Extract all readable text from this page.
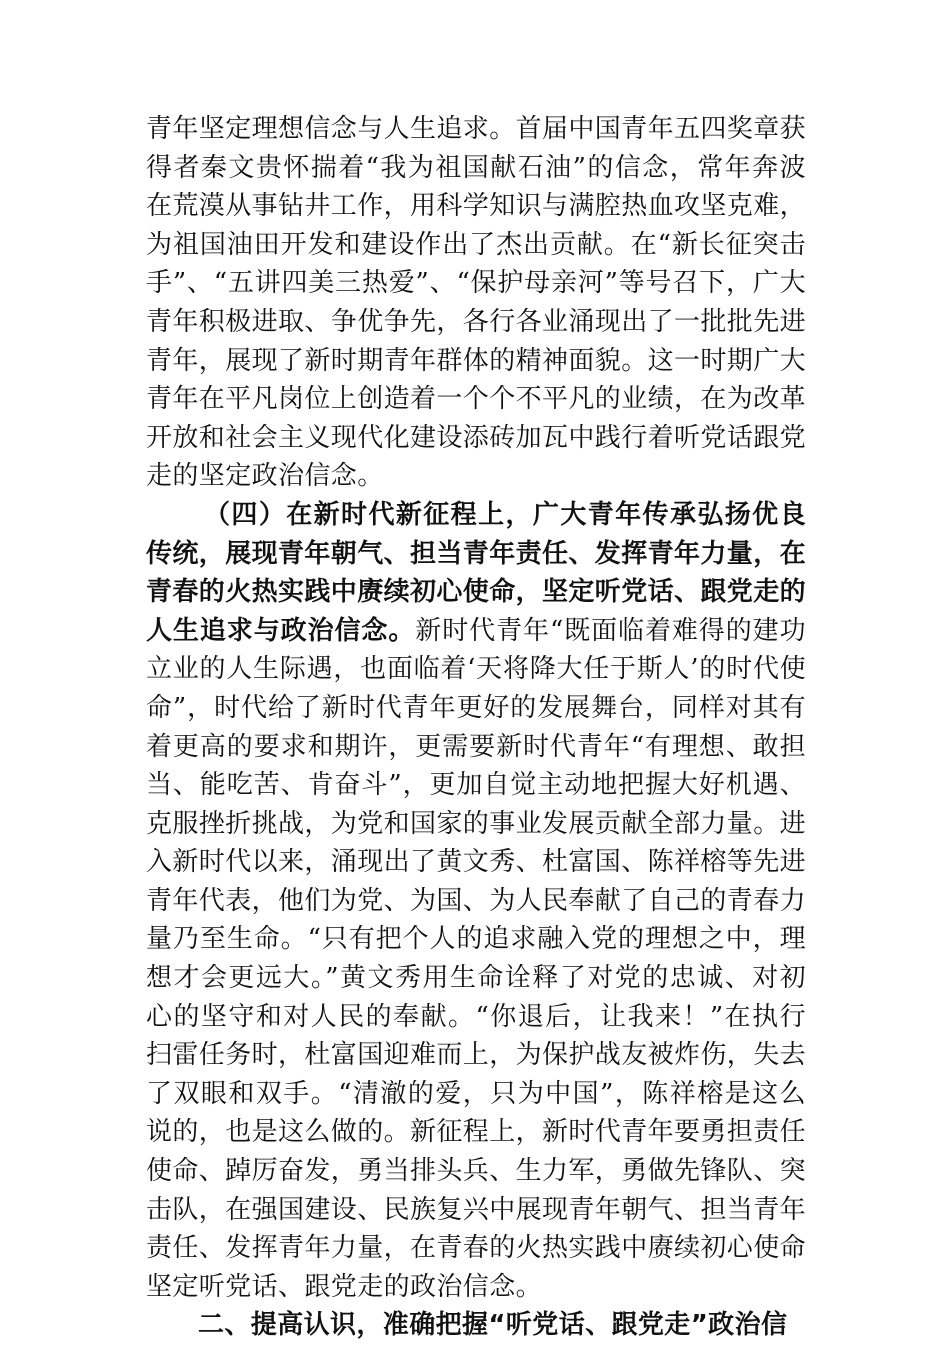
青年坚定理想信念与人生追求。首届中国青年五四奖章获得者秦文贵怀揣着“我为祖国献石油”的信念，常年奔波在荒漠从事钻井工作，用科学知识与满腔热血攻坚克难，为祖国油田开发和建设作出了杰出贡献。在“新长征突击手”、“五讲四美三热爱”、“保护母亲河”等号召下，广大青年积极进取、争优争先，各行各业涌现出了一批批先进青年，展现了新时期青年群体的精神面貌。这一时期广大青年在平凡岗位上创造着一个个不平凡的业绩，在为改革开放和社会主义现代化建设添砖加瓦中践行着听党话跟党走的坚定政治信念。

（四）在新时代新征程上，广大青年传承弘扬优良传统，展现青年朝气、担当青年责任、发挥青年力量，在青春的火热实践中赓续初心使命，坚定听党话、跟党走的人生追求与政治信念。新时代青年“既面临着难得的建功立业的人生际遇，也面临着‘天将降大任于斯人’的时代使命”，时代给了新时代青年更好的发展舞台，同样对其有着更高的要求和期许，更需要新时代青年“有理想、敢担当、能吃苦、肯奋斗”，更加自觉主动地把握大好机遇、克服挫折挑战，为党和国家的事业发展贡献全部力量。进入新时代以来，涌现出了黄文秀、杜富国、陈祥榕等先进青年代表，他们为党、为国、为人民奉献了自己的青春力量乃至生命。“只有把个人的追求融入党的理想之中，理想才会更远大。”黄文秀用生命诠释了对党的忠诚、对初心的坚守和对人民的奉献。“你退后，让我来！”在执行扫雷任务时，杜富国迎难而上，为保护战友被炸伤，失去了双眼和双手。“清澈的爱，只为中国”，陈祥榕是这么说的，也是这么做的。新征程上，新时代青年要勇担责任使命、踔厉奋发，勇当排头兵、生力军，勇做先锋队、突击队，在强国建设、民族复兴中展现青年朝气、担当青年责任、发挥青年力量，在青春的火热实践中赓续初心使命坚定听党话、跟党走的政治信念。

二、提高认识，准确把握“听党话、跟党走”政治信
